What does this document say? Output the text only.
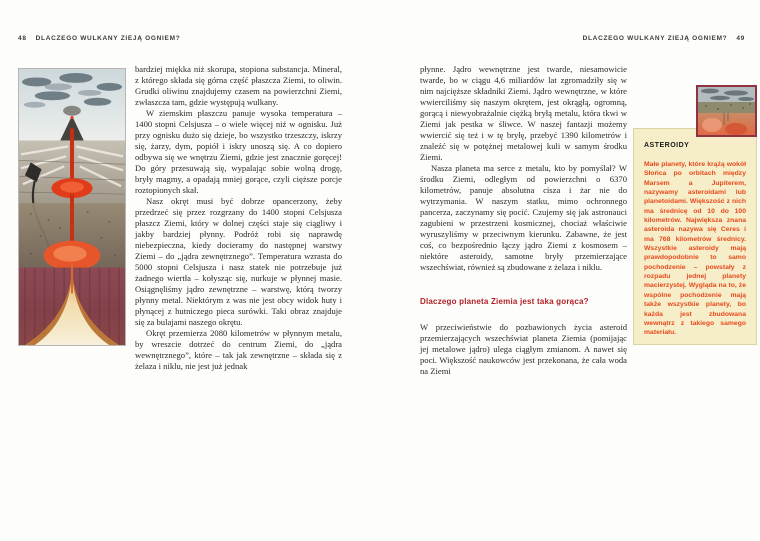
48 DLACZEGO WULKANY ZIEJĄ OGNIEM?	DLACZEGO WULKANY ZIEJĄ OGNIEM? 49

bardziej miękka niż skorupa, stopiona substancja. Mineral, z którego składa się górna część płaszcza Ziemi, to oliwin. Grudki oliwinu znajdujemy czasem na powierzchni Ziemi, zwłaszcza tam, gdzie występują wulkany.

W ziemskim płaszczu panuje wysoka temperatura – 1400 stopni Celsjusza – o wiele więcej niż w ognisku. Już przy ognisku dużo się dzieje, bo wszystko trzeszczy, iskrzy się, żarzy, dym, popiół i iskry unoszą się. A co dopiero odbywa się we wnętrzu Ziemi, gdzie jest znacznie goręcej! Do góry przesuwają się, wypalając sobie wolną drogę, bryły magmy, a opadają mniej gorące, czyli cięższe porcje roztopionych skał.

Nasz okręt musi być dobrze opancerzony, żeby przedrzeć się przez rozgrzany do 1400 stopni Celsjusza płaszcz Ziemi, który w dolnej części staje się ciągliwy i jakby bardziej płynny. Podróż robi się naprawdę niebezpieczna, kiedy docieramy do następnej warstwy Ziemi – do „jądra zewnętrznego”. Temperatura wzrasta do 5000 stopni Celsjusza i nasz statek nie potrzebuje już żadnego wiertła – kołysząc się, nurkuje w płynnej masie. Osiągnęliśmy jądro zewnętrzne – warstwę, którą tworzy płynny metal. Niektórym z was nie jest obcy widok huty i płynącej z hutniczego pieca surówki. Taki obraz znajduje się za bulajami naszego okrętu.

Okręt przemierza 2080 kilometrów w płynnym metalu, by wreszcie dotrzeć do centrum Ziemi, do „jądra wewnętrznego”, które – tak jak zewnętrzne – składa się z żelaza i niklu, nie jest już jednak

płynne. Jądro wewnętrzne jest twarde, niesamowicie twarde, bo w ciągu 4,6 miliardów lat zgromadziły się w nim najcięższe składniki Ziemi. Jądro wewnętrzne, w które wwierciliśmy się naszym okrętem, jest okrągłą, ogromną, gorącą i niewyobrażalnie ciężką bryłą metalu, która tkwi w Ziemi jak pestka w śliwce. W naszej fantazji możemy wwiercić się też i w tę bryłę, przebyć 1390 kilometrów i znaleźć się w potężnej metalowej kuli w samym środku Ziemi.

Nasza planeta ma serce z metalu, kto by pomyślał? W środku Ziemi, odległym od powierzchni o 6370 kilometrów, panuje absolutna cisza i żar nie do wytrzymania. W naszym statku, mimo ochronnego pancerza, zaczynamy się pocić. Czujemy się jak astronauci zagubieni w przestrzeni kosmicznej, chociaż właściwie wyruszyliśmy w przeciwnym kierunku. Zabawne, że jest coś, co bezpośrednio łączy jądro Ziemi z kosmosem – niektóre asteroidy, samotne bryły przemierzające wszechświat, również są zbudowane z żelaza i niklu.

Dlaczego planeta Ziemia jest taka gorąca?

W przeciwieństwie do pozbawionych życia asteroid przemierzających wszechświat planeta Ziemia (pomijając jej metalowe jądro) ulega ciągłym zmianom. A nawet się poci. Większość naukowców jest przekonana, że cała woda na Ziemi

ASTEROIDY

Małe planety, które krążą wokół Słońca po orbitach między Marsem a Jupiterem, nazywamy asteroidami lub planetoidami. Większość z nich ma średnicę od 10 do 100 kilometrów. Największa znana asteroida nazywa się Ceres i ma 768 kilometrów średnicy. Wszystkie asteroidy mają prawdopodobnie to samo pochodzenie – powstały z rozpadu jednej planety macierzystej. Wygląda na to, że wspólne pochodzenie mają także wszystkie planety, bo każda jest zbudowana wewnątrz z takiego samego materiału.
